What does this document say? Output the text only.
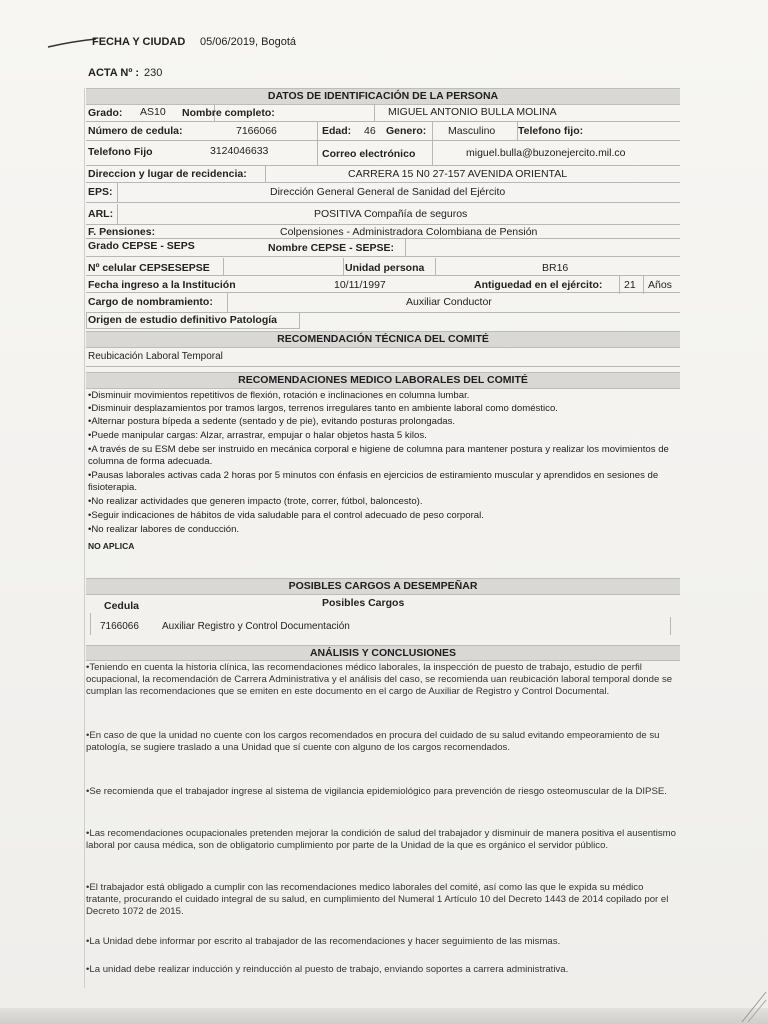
FECHA Y CIUDAD 05/06/2019, Bogotá
ACTA Nº : 230
DATOS DE IDENTIFICACIÓN DE LA PERSONA
Grado: AS10 Nombre completo:	MIGUEL ANTONIO BULLA MOLINA
Número de cedula:	7166066	Edad: 46 Genero: Masculino Telefono fijo:
Telefono Fijo	3124046633	Correo electrónico	miguel.bulla@buzonejercito.mil.co
Direccion y lugar de recidencia:	CARRERA 15 N0 27-157 AVENIDA ORIENTAL
EPS:	Dirección General General de Sanidad del Ejército
ARL:	POSITIVA Compañía de seguros
F. Pensiones:	Colpensiones - Administradora Colombiana de Pensión
Grado CEPSE - SEPS	Nombre CEPSE - SEPSE:
Nº celular CEPSESEPSE	Unidad persona	BR16
Fecha ingreso a la Institución	10/11/1997	Antiguedad en el ejército: 21 Años
Cargo de nombramiento:	Auxiliar Conductor
Origen de estudio definitivo Patología
RECOMENDACIÓN TÉCNICA DEL COMITÉ
Reubicación Laboral Temporal
RECOMENDACIONES MEDICO LABORALES DEL COMITÉ
•Disminuir movimientos repetitivos de flexión, rotación e inclinaciones en columna lumbar.
•Disminuir desplazamientos por tramos largos, terrenos irregulares tanto en ambiente laboral como doméstico.
•Alternar postura bípeda a sedente (sentado y de pie), evitando posturas prolongadas.
•Puede manipular cargas: Alzar, arrastrar, empujar o halar objetos hasta 5 kilos.
•A través de su ESM debe ser instruido en mecánica corporal e higiene de columna para mantener postura y realizar los movimientos de columna de forma adecuada.
•Pausas laborales activas cada 2 horas por 5 minutos con énfasis en ejercicios de estiramiento muscular y aprendidos en sesiones de fisioterapia.
•No realizar actividades que generen impacto (trote, correr, fútbol, baloncesto).
•Seguir indicaciones de hábitos de vida saludable para el control adecuado de peso corporal.
•No realizar labores de conducción.
NO APLICA
POSIBLES CARGOS A DESEMPEÑAR
Cedula	Posibles Cargos
7166066 Auxiliar Registro y Control Documentación
ANÁLISIS Y CONCLUSIONES
•Teniendo en cuenta la historia clínica, las recomendaciones médico laborales, la inspección de puesto de trabajo, estudio de perfil ocupacional, la recomendación de Carrera Administrativa y el análisis del caso, se recomienda uan reubicación laboral temporal donde se cumplan las recomendaciones que se emiten en este documento en el cargo de Auxiliar de Registro y Control Documental.
•En caso de que la unidad no cuente con los cargos recomendados en procura del cuidado de su salud evitando empeoramiento de su patología, se sugiere traslado a una Unidad que sí cuente con alguno de los cargos recomendados.
•Se recomienda que el trabajador ingrese al sistema de vigilancia epidemiológico para prevención de riesgo osteomuscular de la DIPSE.
•Las recomendaciones ocupacionales pretenden mejorar la condición de salud del trabajador y disminuir de manera positiva el ausentismo laboral por causa médica, son de obligatorio cumplimiento por parte de la Unidad de la que es orgánico el servidor público.
•El trabajador está obligado a cumplir con las recomendaciones medico laborales del comité, así como las que le expida su médico tratante, procurando el cuidado integral de su salud, en cumplimiento del Numeral 1 Artículo 10 del Decreto 1443 de 2014 copilado por el Decreto 1072 de 2015.
•La Unidad debe informar por escrito al trabajador de las recomendaciones y hacer seguimiento de las mismas.
•La unidad debe realizar inducción y reinducción al puesto de trabajo, enviando soportes a carrera administrativa.
